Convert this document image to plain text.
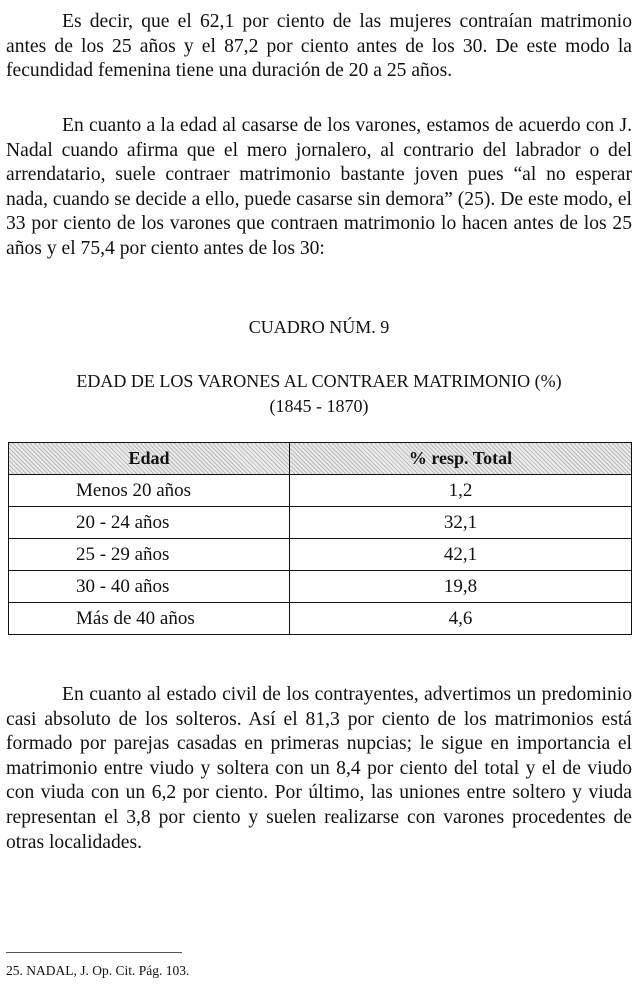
Es decir, que el 62,1 por ciento de las mujeres contraían matrimonio antes de los 25 años y el 87,2 por ciento antes de los 30. De este modo la fecundidad femenina tiene una duración de 20 a 25 años.

En cuanto a la edad al casarse de los varones, estamos de acuerdo con J. Nadal cuando afirma que el mero jornalero, al contrario del labrador o del arrendatario, suele contraer matrimonio bastante joven pues “al no esperar nada, cuando se decide a ello, puede casarse sin demora” (25). De este modo, el 33 por ciento de los varones que contraen matrimonio lo hacen antes de los 25 años y el 75,4 por ciento antes de los 30:

CUADRO NÚM. 9
EDAD DE LOS VARONES AL CONTRAER MATRIMONIO (%)
(1845 - 1870)
Edad	% resp. Total
Menos 20 años	1,2
20 - 24 años	32,1
25 - 29 años	42,1
30 - 40 años	19,8
Más de 40 años	4,6

En cuanto al estado civil de los contrayentes, advertimos un predominio casi absoluto de los solteros. Así el 81,3 por ciento de los matrimonios está formado por parejas casadas en primeras nupcias; le sigue en importancia el matrimonio entre viudo y soltera con un 8,4 por ciento del total y el de viudo con viuda con un 6,2 por ciento. Por último, las uniones entre soltero y viuda representan el 3,8 por ciento y suelen realizarse con varones procedentes de otras localidades.

25. NADAL, J. Op. Cit. Pág. 103.
